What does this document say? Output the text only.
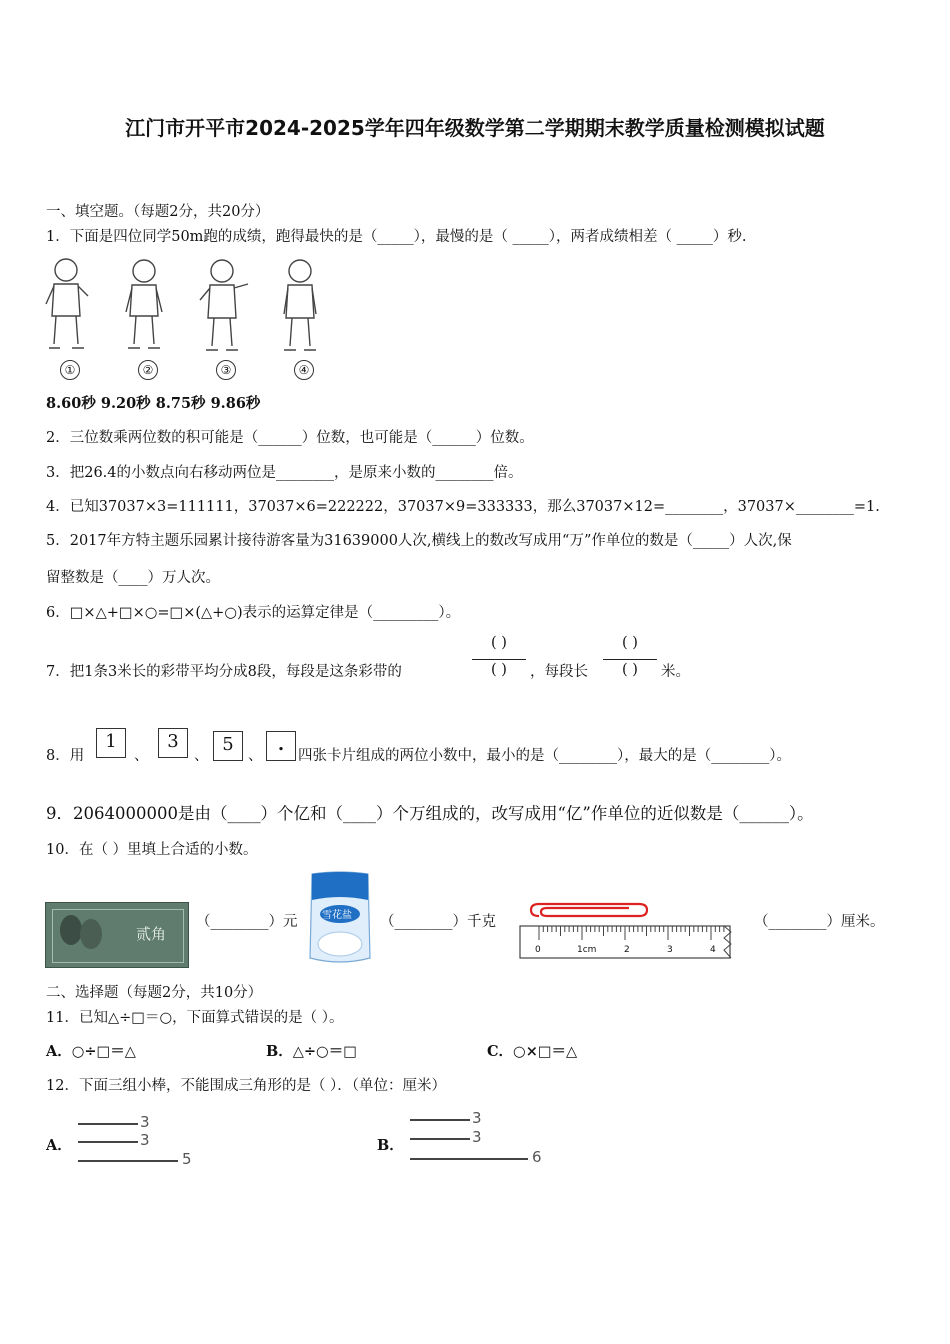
江门市开平市2024-2025学年四年级数学第二学期期末教学质量检测模拟试题
一、填空题。（每题2分，共20分）
1．下面是四位同学50m跑的成绩，跑得最快的是（_____），最慢的是（ _____），两者成绩相差（ _____）秒.
①	②	③	④
8.60秒 9.20秒 8.75秒 9.86秒
2．三位数乘两位数的积可能是（______）位数，也可能是（______）位数。
3．把26.4的小数点向右移动两位是________，是原来小数的________倍。
4．已知37037×3=111111，37037×6=222222，37037×9=333333，那么37037×12=________，37037×________=1.
5．2017年方特主题乐园累计接待游客量为31639000人次,横线上的数改写成用“万”作单位的数是（_____）人次,保
留整数是（____）万人次。
6．□×△+□×○=□×(△+○)表示的运算定律是（_________）。
7．把1条3米长的彩带平均分成8段，每段是这条彩带的
( )
( )	，每段长
( )
( )	米。
8．用
1
、
3
、
5
、
.
四张卡片组成的两位小数中，最小的是（________），最大的是（________）。
9．2064000000是由（____）个亿和（____）个万组成的，改写成用“亿”作单位的近似数是（______）。
10．在（ ）里填上合适的小数。
贰角
（________）元 雪花盐 （________）千克
0	1cm	2	3	4
（________）厘米。
二、选择题（每题2分，共10分）
11．已知△÷□＝○，下面算式错误的是（ ）。
A．○÷□＝△	B．△÷○＝□	C．○×□＝△
12．下面三组小棒，不能围成三角形的是（ ）．（单位：厘米）
A．
3
3
5
B．
3
3
6
